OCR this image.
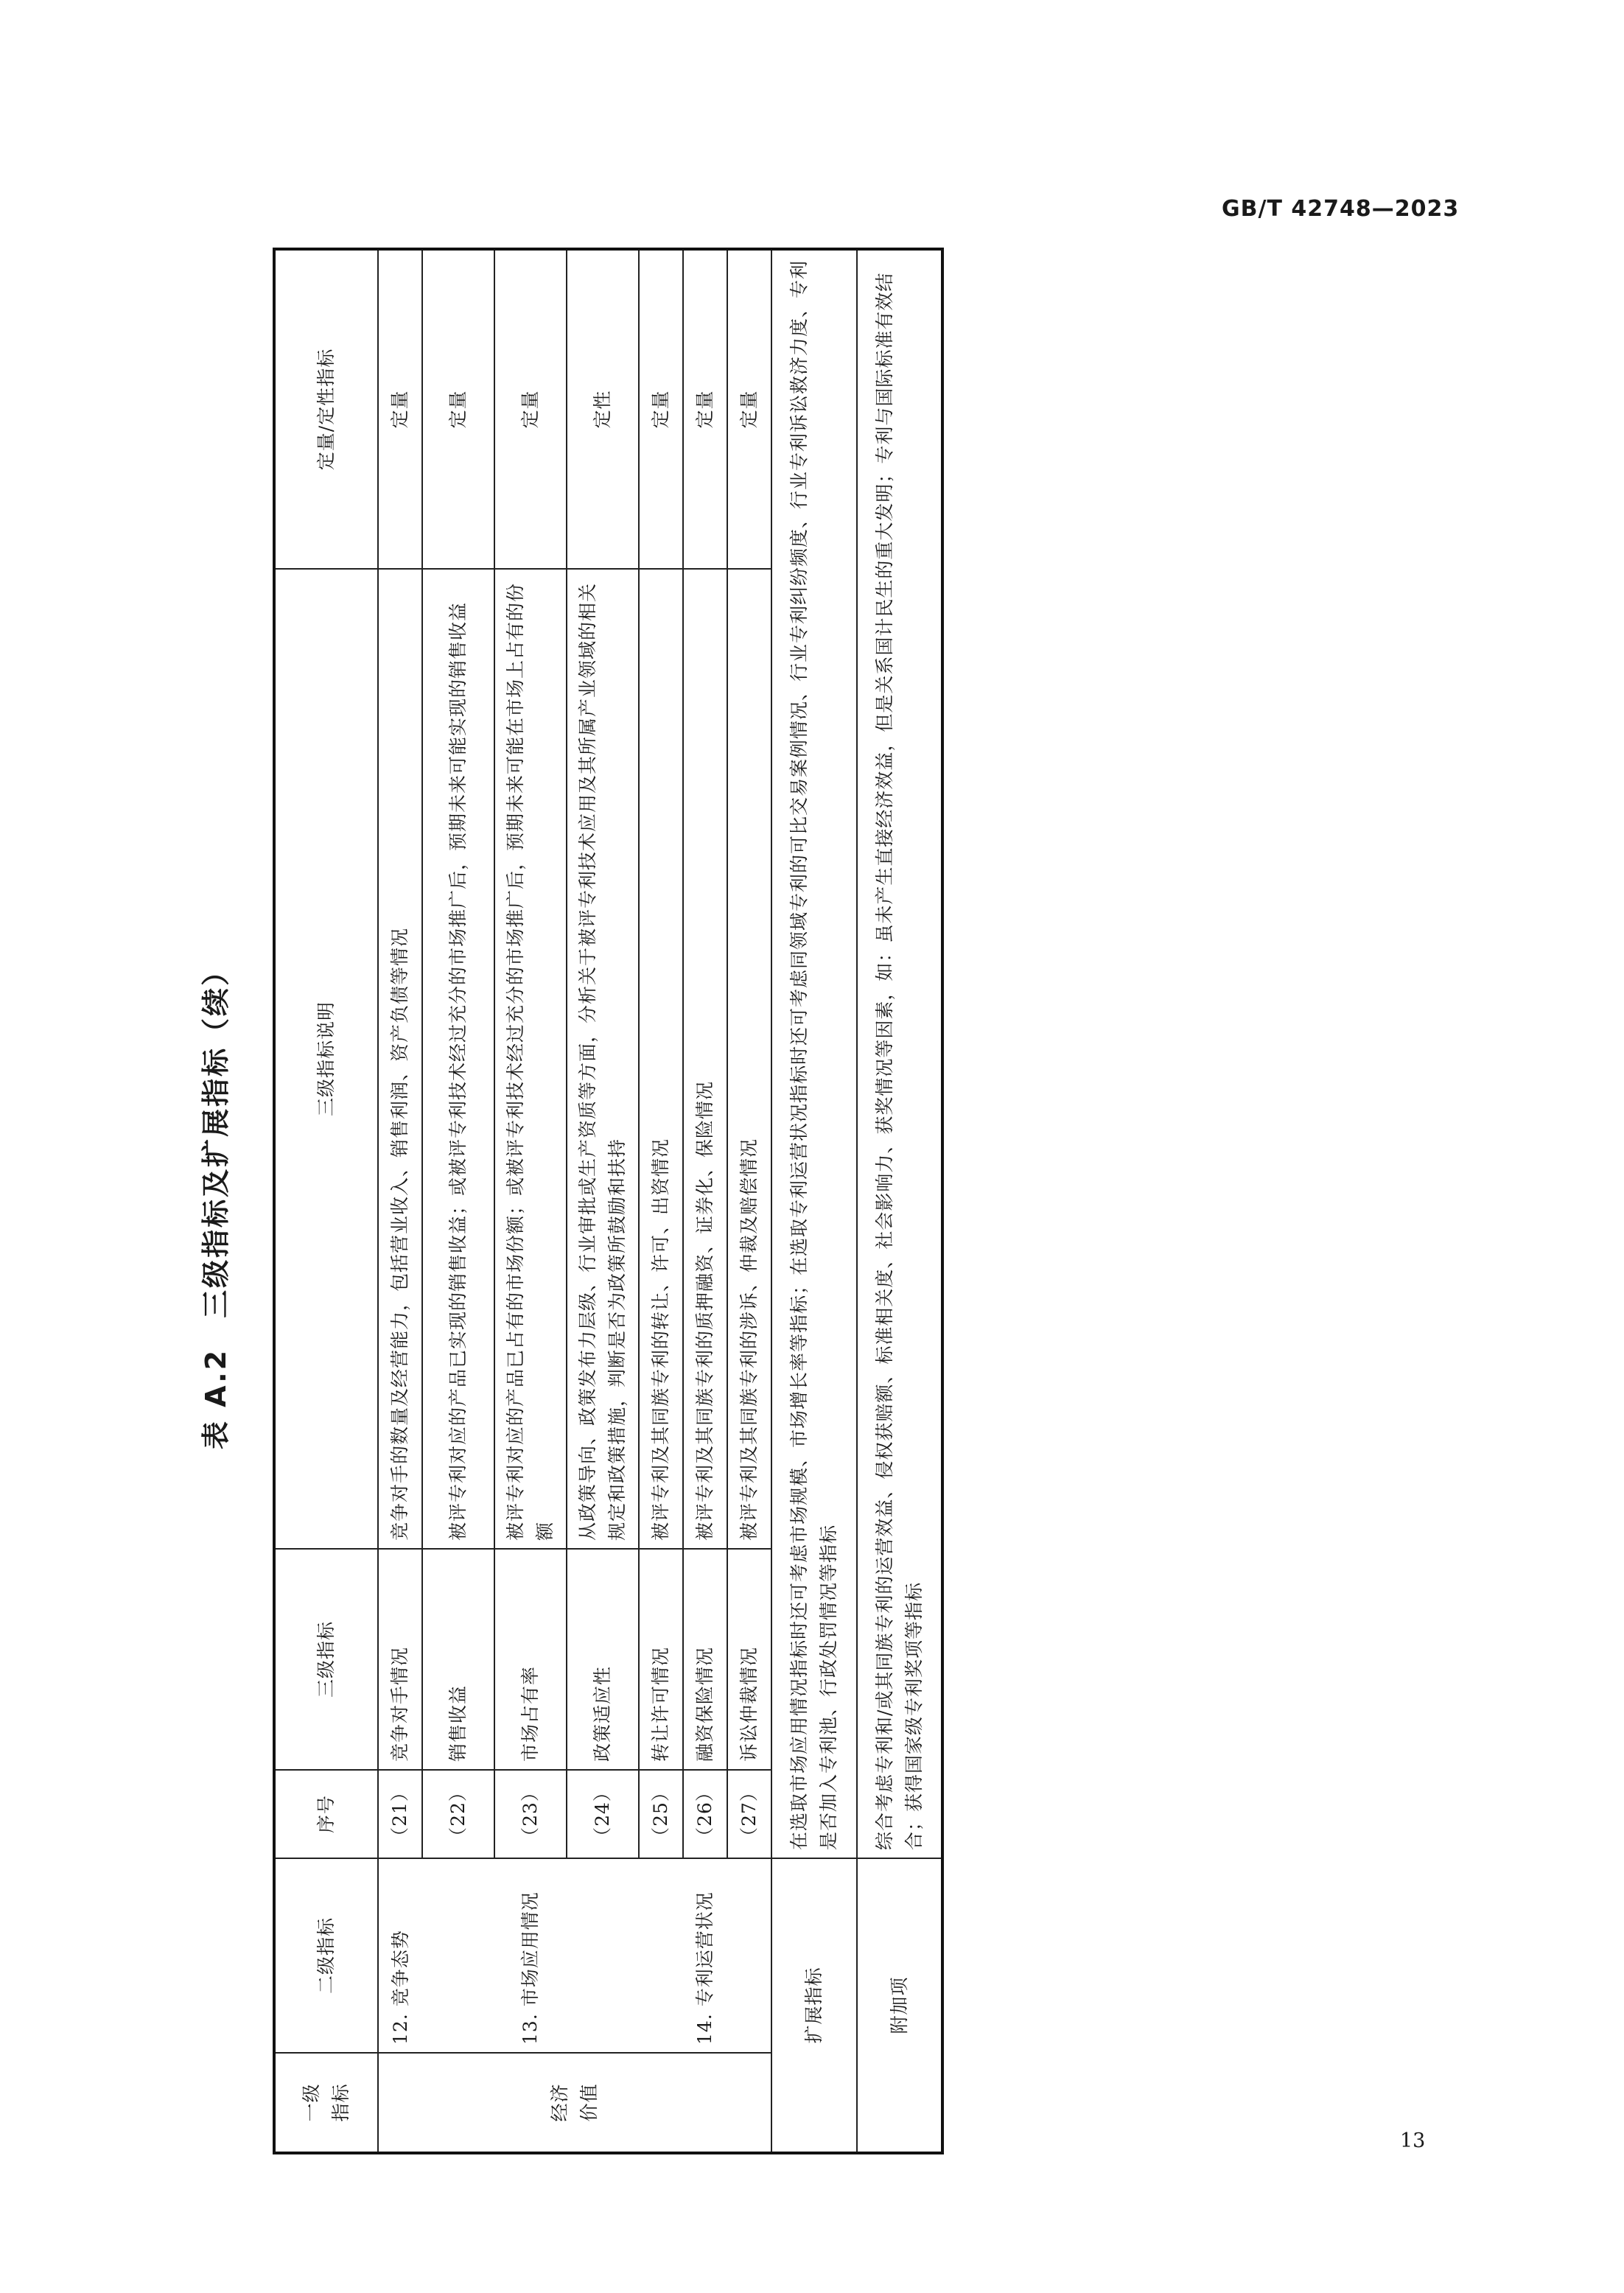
GB/T 42748—2023
表 A.2　三级指标及扩展指标（续）
一级
指标	二级指标	序号	三级指标	三级指标说明	定量/定性指标
经济
价值	12. 竞争态势	（21）	竞争对手情况	竞争对手的数量及经营能力，包括营业收入、销售利润、资产负债等情况	定量
		（22）	销售收益	被评专利对应的产品已实现的销售收益；或被评专利技术经过充分的市场推广后，预期未来可能实现的销售收益	定量
	13. 市场应用情况	（23）	市场占有率	被评专利对应的产品已占有的市场份额；或被评专利技术经过充分的市场推广后，预期未来可能在市场上占有的份额	定量
		（24）	政策适应性	从政策导向、政策发布力层级、行业审批或生产资质等方面，分析关于被评专利技术应用及其所属产业领域的相关规定和政策措施，判断是否为政策所鼓励和扶持	定性
		（25）	转让许可情况	被评专利及其同族专利的转让、许可、出资情况	定量
	14. 专利运营状况	（26）	融资保险情况	被评专利及其同族专利的质押融资、证券化、保险情况	定量
		（27）	诉讼仲裁情况	被评专利及其同族专利的涉诉、仲裁及赔偿情况	定量
扩展指标		在选取市场应用情况指标时还可考虑市场规模、市场增长率等指标；在选取专利运营状况指标时还可考虑同领域专利的可比交易案例情况、行业专利纠纷频度、行业专利诉讼救济力度、专利是否加入专利池、行政处罚情况等指标			
附加项		综合考虑专利和/或其同族专利的运营效益、侵权获赔额、标准相关度、社会影响力、获奖情况等因素，如：虽未产生直接经济效益，但是关系国计民生的重大发明；专利与国际标准有效结合；获得国家级专利奖项等指标			
13
